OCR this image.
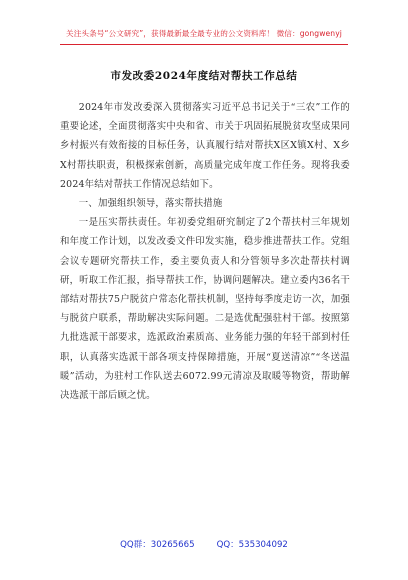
关注头条号“公文研究”，获得最新最全最专业的公文资料库！ 微信：gongwenyj
市发改委2024年度结对帮扶工作总结

2024年市发改委深入贯彻落实习近平总书记关于“三农”工作的重要论述，全面贯彻落实中央和省、市关于巩固拓展脱贫攻坚成果同乡村振兴有效衔接的目标任务，认真履行结对帮扶X区X镇X村、X乡X村帮扶职责，积极探索创新，高质量完成年度工作任务。现将我委2024年结对帮扶工作情况总结如下。

一、加强组织领导，落实帮扶措施

一是压实帮扶责任。年初委党组研究制定了2个帮扶村三年规划和年度工作计划，以发改委文件印发实施，稳步推进帮扶工作。党组会议专题研究帮扶工作，委主要负责人和分管领导多次赴帮扶村调研，听取工作汇报，指导帮扶工作，协调问题解决。建立委内36名干部结对帮扶75户脱贫户常态化帮扶机制，坚持每季度走访一次，加强与脱贫户联系，帮助解决实际问题。二是选优配强驻村干部。按照第九批选派干部要求，选派政治素质高、业务能力强的年轻干部到村任职，认真落实选派干部各项支持保障措施，开展“夏送清凉”“冬送温暖”活动，为驻村工作队送去6072.99元清凉及取暖等物资，帮助解决选派干部后顾之忧。

QQ群：30265665	QQ：535304092
